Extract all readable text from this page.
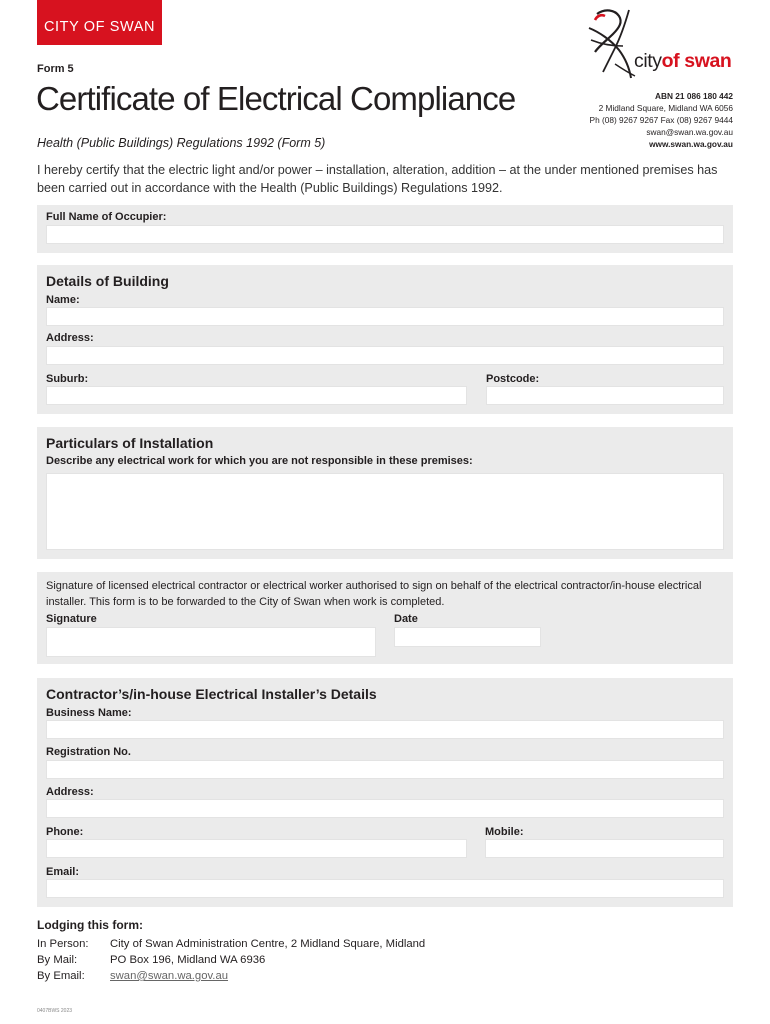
CITY OF SWAN
cityof swan
Form 5
Certificate of Electrical Compliance
Health (Public Buildings) Regulations 1992 (Form 5)
ABN 21 086 180 442
2 Midland Square, Midland WA 6056
Ph (08) 9267 9267 Fax (08) 9267 9444
swan@swan.wa.gov.au
www.swan.wa.gov.au
I hereby certify that the electric light and/or power – installation, alteration, addition – at the under mentioned premises has been carried out in accordance with the Health (Public Buildings) Regulations 1992.
Full Name of Occupier:
Details of Building
Name:
Address:
Suburb:	Postcode:
Particulars of Installation
Describe any electrical work for which you are not responsible in these premises:
Signature of licensed electrical contractor or electrical worker authorised to sign on behalf of the electrical contractor/in-house electrical installer. This form is to be forwarded to the City of Swan when work is completed.
Signature	Date
Contractor’s/in-house Electrical Installer’s Details
Business Name:
Registration No.
Address:
Phone:	Mobile:
Email:
Lodging this form:
In Person:	City of Swan Administration Centre, 2 Midland Square, Midland
By Mail:	PO Box 196, Midland WA 6936
By Email:	swan@swan.wa.gov.au
0407BWS 2023
